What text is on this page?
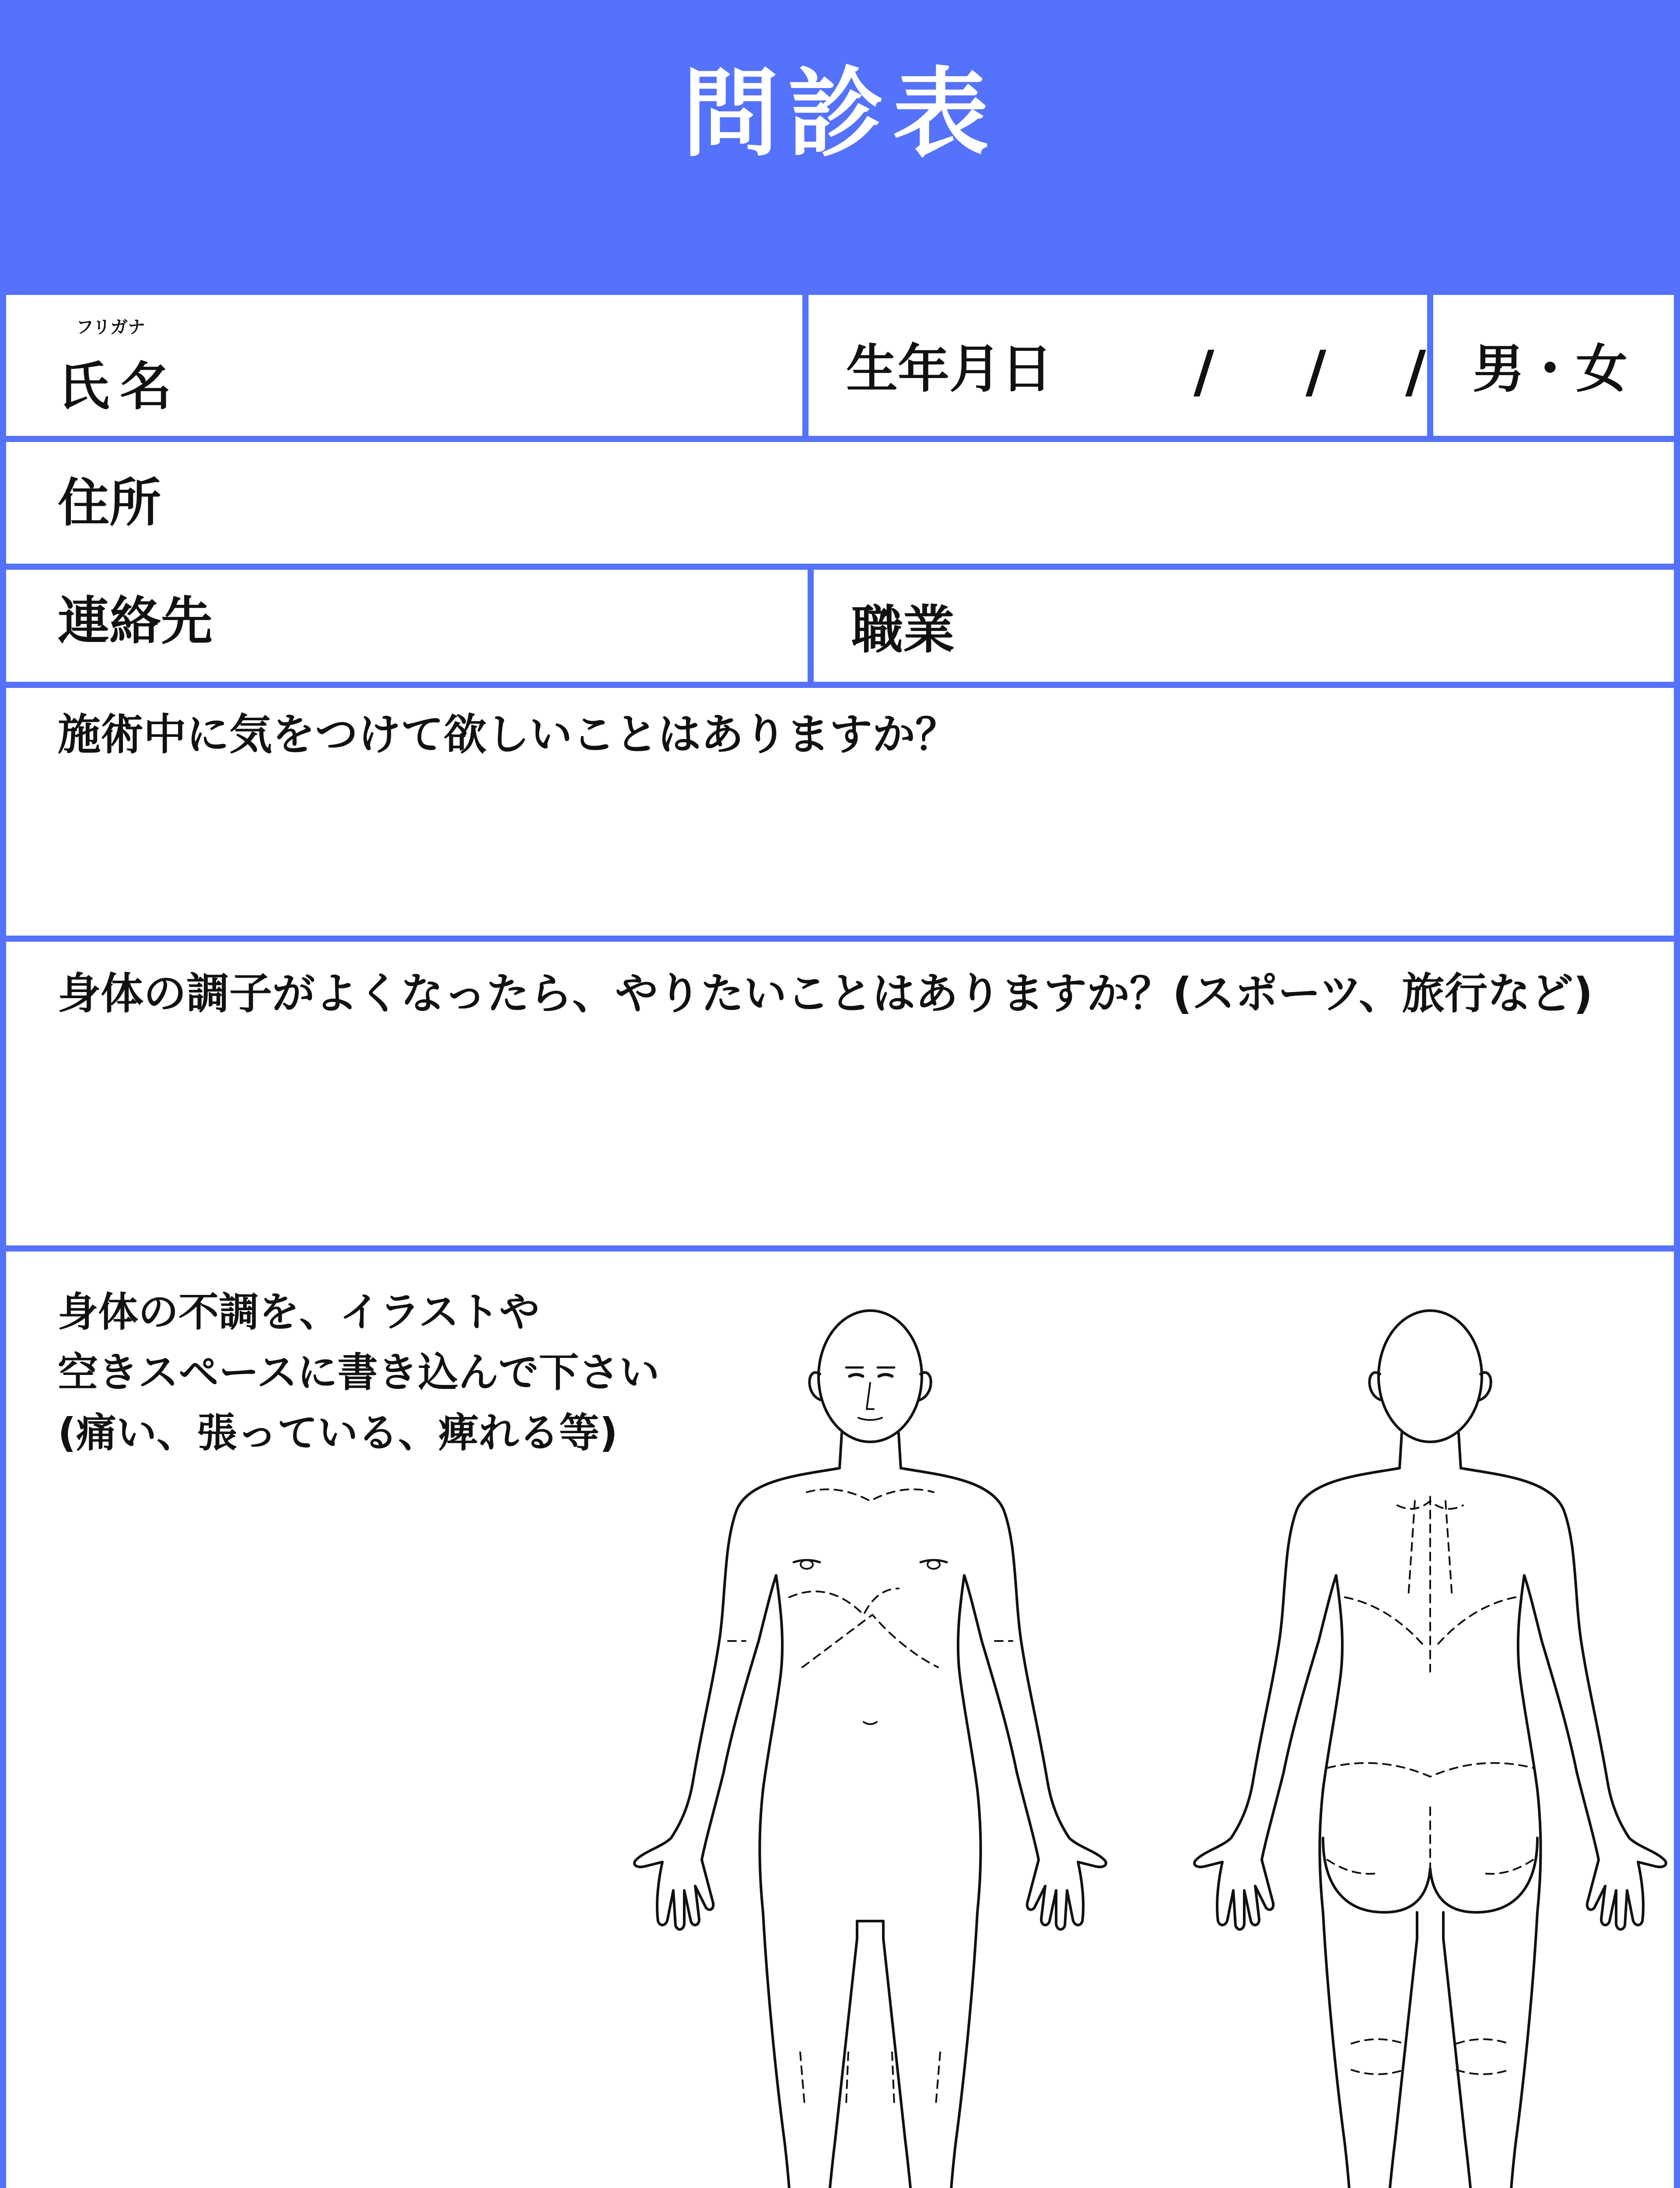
問診表
フリガナ
氏名	生年月日 / / / 男・女
住所
連絡先	職業
施術中に気をつけて欲しいことはありますか？
身体の調子がよくなったら、やりたいことはありますか？(スポーツ、旅行など)
身体の不調を、イラストや
空きスペースに書き込んで下さい
(痛い、張っている、痺れる等)
